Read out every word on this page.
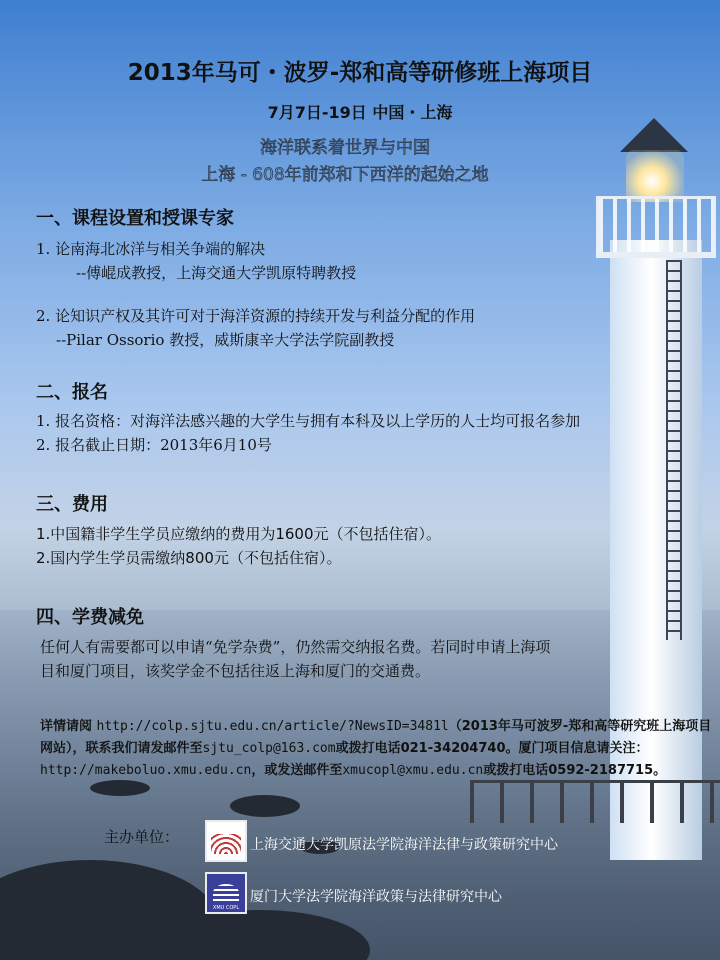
2013年马可・波罗-郑和高等研修班上海项目
7月7日-19日 中国・上海
海洋联系着世界与中国
上海 - 608年前郑和下西洋的起始之地
一、课程设置和授课专家
1. 论南海北冰洋与相关争端的解决
--傅崐成教授，上海交通大学凯原特聘教授
2. 论知识产权及其许可对于海洋资源的持续开发与利益分配的作用
--Pilar Ossorio 教授，威斯康辛大学法学院副教授
二、报名
1. 报名资格：对海洋法感兴趣的大学生与拥有本科及以上学历的人士均可报名参加
2. 报名截止日期：2013年6月10号
三、费用
1.中国籍非学生学员应缴纳的费用为1600元（不包括住宿）。
2.国内学生学员需缴纳800元（不包括住宿）。
四、学费减免
任何人有需要都可以申请“免学杂费”，仍然需交纳报名费。若同时申请上海项
目和厦门项目，该奖学金不包括往返上海和厦门的交通费。
详情请阅 http://colp.sjtu.edu.cn/article/?NewsID=3481l（2013年马可波罗-郑和高等研究班上海项目网站），联系我们请发邮件至sjtu_colp@163.com或拨打电话021-34204740。厦门项目信息请关注：http://makeboluo.xmu.edu.cn，或发送邮件至xmucopl@xmu.edu.cn或拨打电话0592-2187715。
主办单位：	上海交通大学凯原法学院海洋法律与政策研究中心
XMU COPL
厦门大学法学院海洋政策与法律研究中心
